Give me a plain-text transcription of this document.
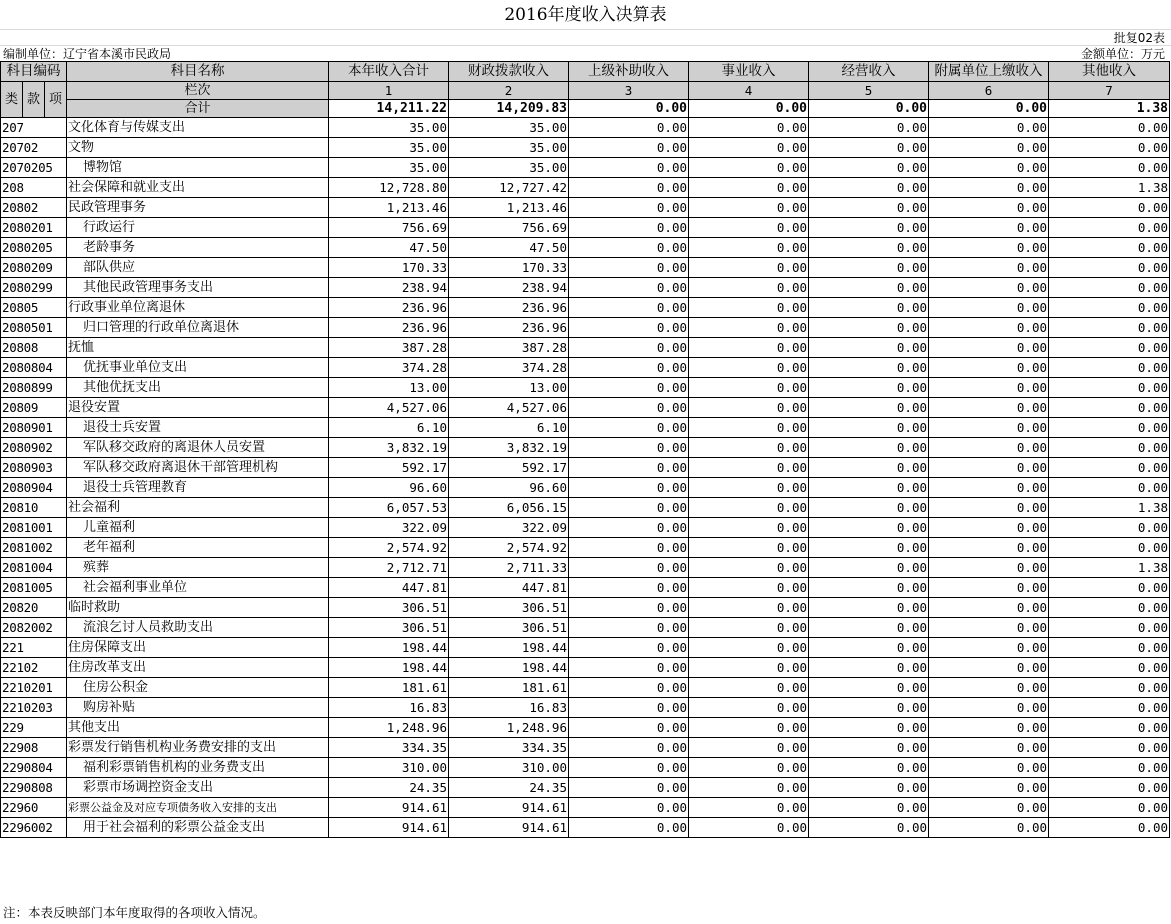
2016年度收入决算表
批复02表
编制单位：辽宁省本溪市民政局	金额单位：万元
科目编码			科目名称	本年收入合计	财政拨款收入	上级补助收入	事业收入	经营收入	附属单位上缴收入	其他收入
类	款	项	栏次	1	2	3	4	5	6	7
			合计	14,211.22	14,209.83	0.00	0.00	0.00	0.00	1.38
207			文化体育与传媒支出	35.00	35.00	0.00	0.00	0.00	0.00	0.00
20702			文物	35.00	35.00	0.00	0.00	0.00	0.00	0.00
2070205			博物馆	35.00	35.00	0.00	0.00	0.00	0.00	0.00
208			社会保障和就业支出	12,728.80	12,727.42	0.00	0.00	0.00	0.00	1.38
20802			民政管理事务	1,213.46	1,213.46	0.00	0.00	0.00	0.00	0.00
2080201			行政运行	756.69	756.69	0.00	0.00	0.00	0.00	0.00
2080205			老龄事务	47.50	47.50	0.00	0.00	0.00	0.00	0.00
2080209			部队供应	170.33	170.33	0.00	0.00	0.00	0.00	0.00
2080299			其他民政管理事务支出	238.94	238.94	0.00	0.00	0.00	0.00	0.00
20805			行政事业单位离退休	236.96	236.96	0.00	0.00	0.00	0.00	0.00
2080501			归口管理的行政单位离退休	236.96	236.96	0.00	0.00	0.00	0.00	0.00
20808			抚恤	387.28	387.28	0.00	0.00	0.00	0.00	0.00
2080804			优抚事业单位支出	374.28	374.28	0.00	0.00	0.00	0.00	0.00
2080899			其他优抚支出	13.00	13.00	0.00	0.00	0.00	0.00	0.00
20809			退役安置	4,527.06	4,527.06	0.00	0.00	0.00	0.00	0.00
2080901			退役士兵安置	6.10	6.10	0.00	0.00	0.00	0.00	0.00
2080902			军队移交政府的离退休人员安置	3,832.19	3,832.19	0.00	0.00	0.00	0.00	0.00
2080903			军队移交政府离退休干部管理机构	592.17	592.17	0.00	0.00	0.00	0.00	0.00
2080904			退役士兵管理教育	96.60	96.60	0.00	0.00	0.00	0.00	0.00
20810			社会福利	6,057.53	6,056.15	0.00	0.00	0.00	0.00	1.38
2081001			儿童福利	322.09	322.09	0.00	0.00	0.00	0.00	0.00
2081002			老年福利	2,574.92	2,574.92	0.00	0.00	0.00	0.00	0.00
2081004			殡葬	2,712.71	2,711.33	0.00	0.00	0.00	0.00	1.38
2081005			社会福利事业单位	447.81	447.81	0.00	0.00	0.00	0.00	0.00
20820			临时救助	306.51	306.51	0.00	0.00	0.00	0.00	0.00
2082002			流浪乞讨人员救助支出	306.51	306.51	0.00	0.00	0.00	0.00	0.00
221			住房保障支出	198.44	198.44	0.00	0.00	0.00	0.00	0.00
22102			住房改革支出	198.44	198.44	0.00	0.00	0.00	0.00	0.00
2210201			住房公积金	181.61	181.61	0.00	0.00	0.00	0.00	0.00
2210203			购房补贴	16.83	16.83	0.00	0.00	0.00	0.00	0.00
229			其他支出	1,248.96	1,248.96	0.00	0.00	0.00	0.00	0.00
22908			彩票发行销售机构业务费安排的支出	334.35	334.35	0.00	0.00	0.00	0.00	0.00
2290804			福利彩票销售机构的业务费支出	310.00	310.00	0.00	0.00	0.00	0.00	0.00
2290808			彩票市场调控资金支出	24.35	24.35	0.00	0.00	0.00	0.00	0.00
22960			彩票公益金及对应专项债务收入安排的支出	914.61	914.61	0.00	0.00	0.00	0.00	0.00
2296002			用于社会福利的彩票公益金支出	914.61	914.61	0.00	0.00	0.00	0.00	0.00
注：本表反映部门本年度取得的各项收入情况。
